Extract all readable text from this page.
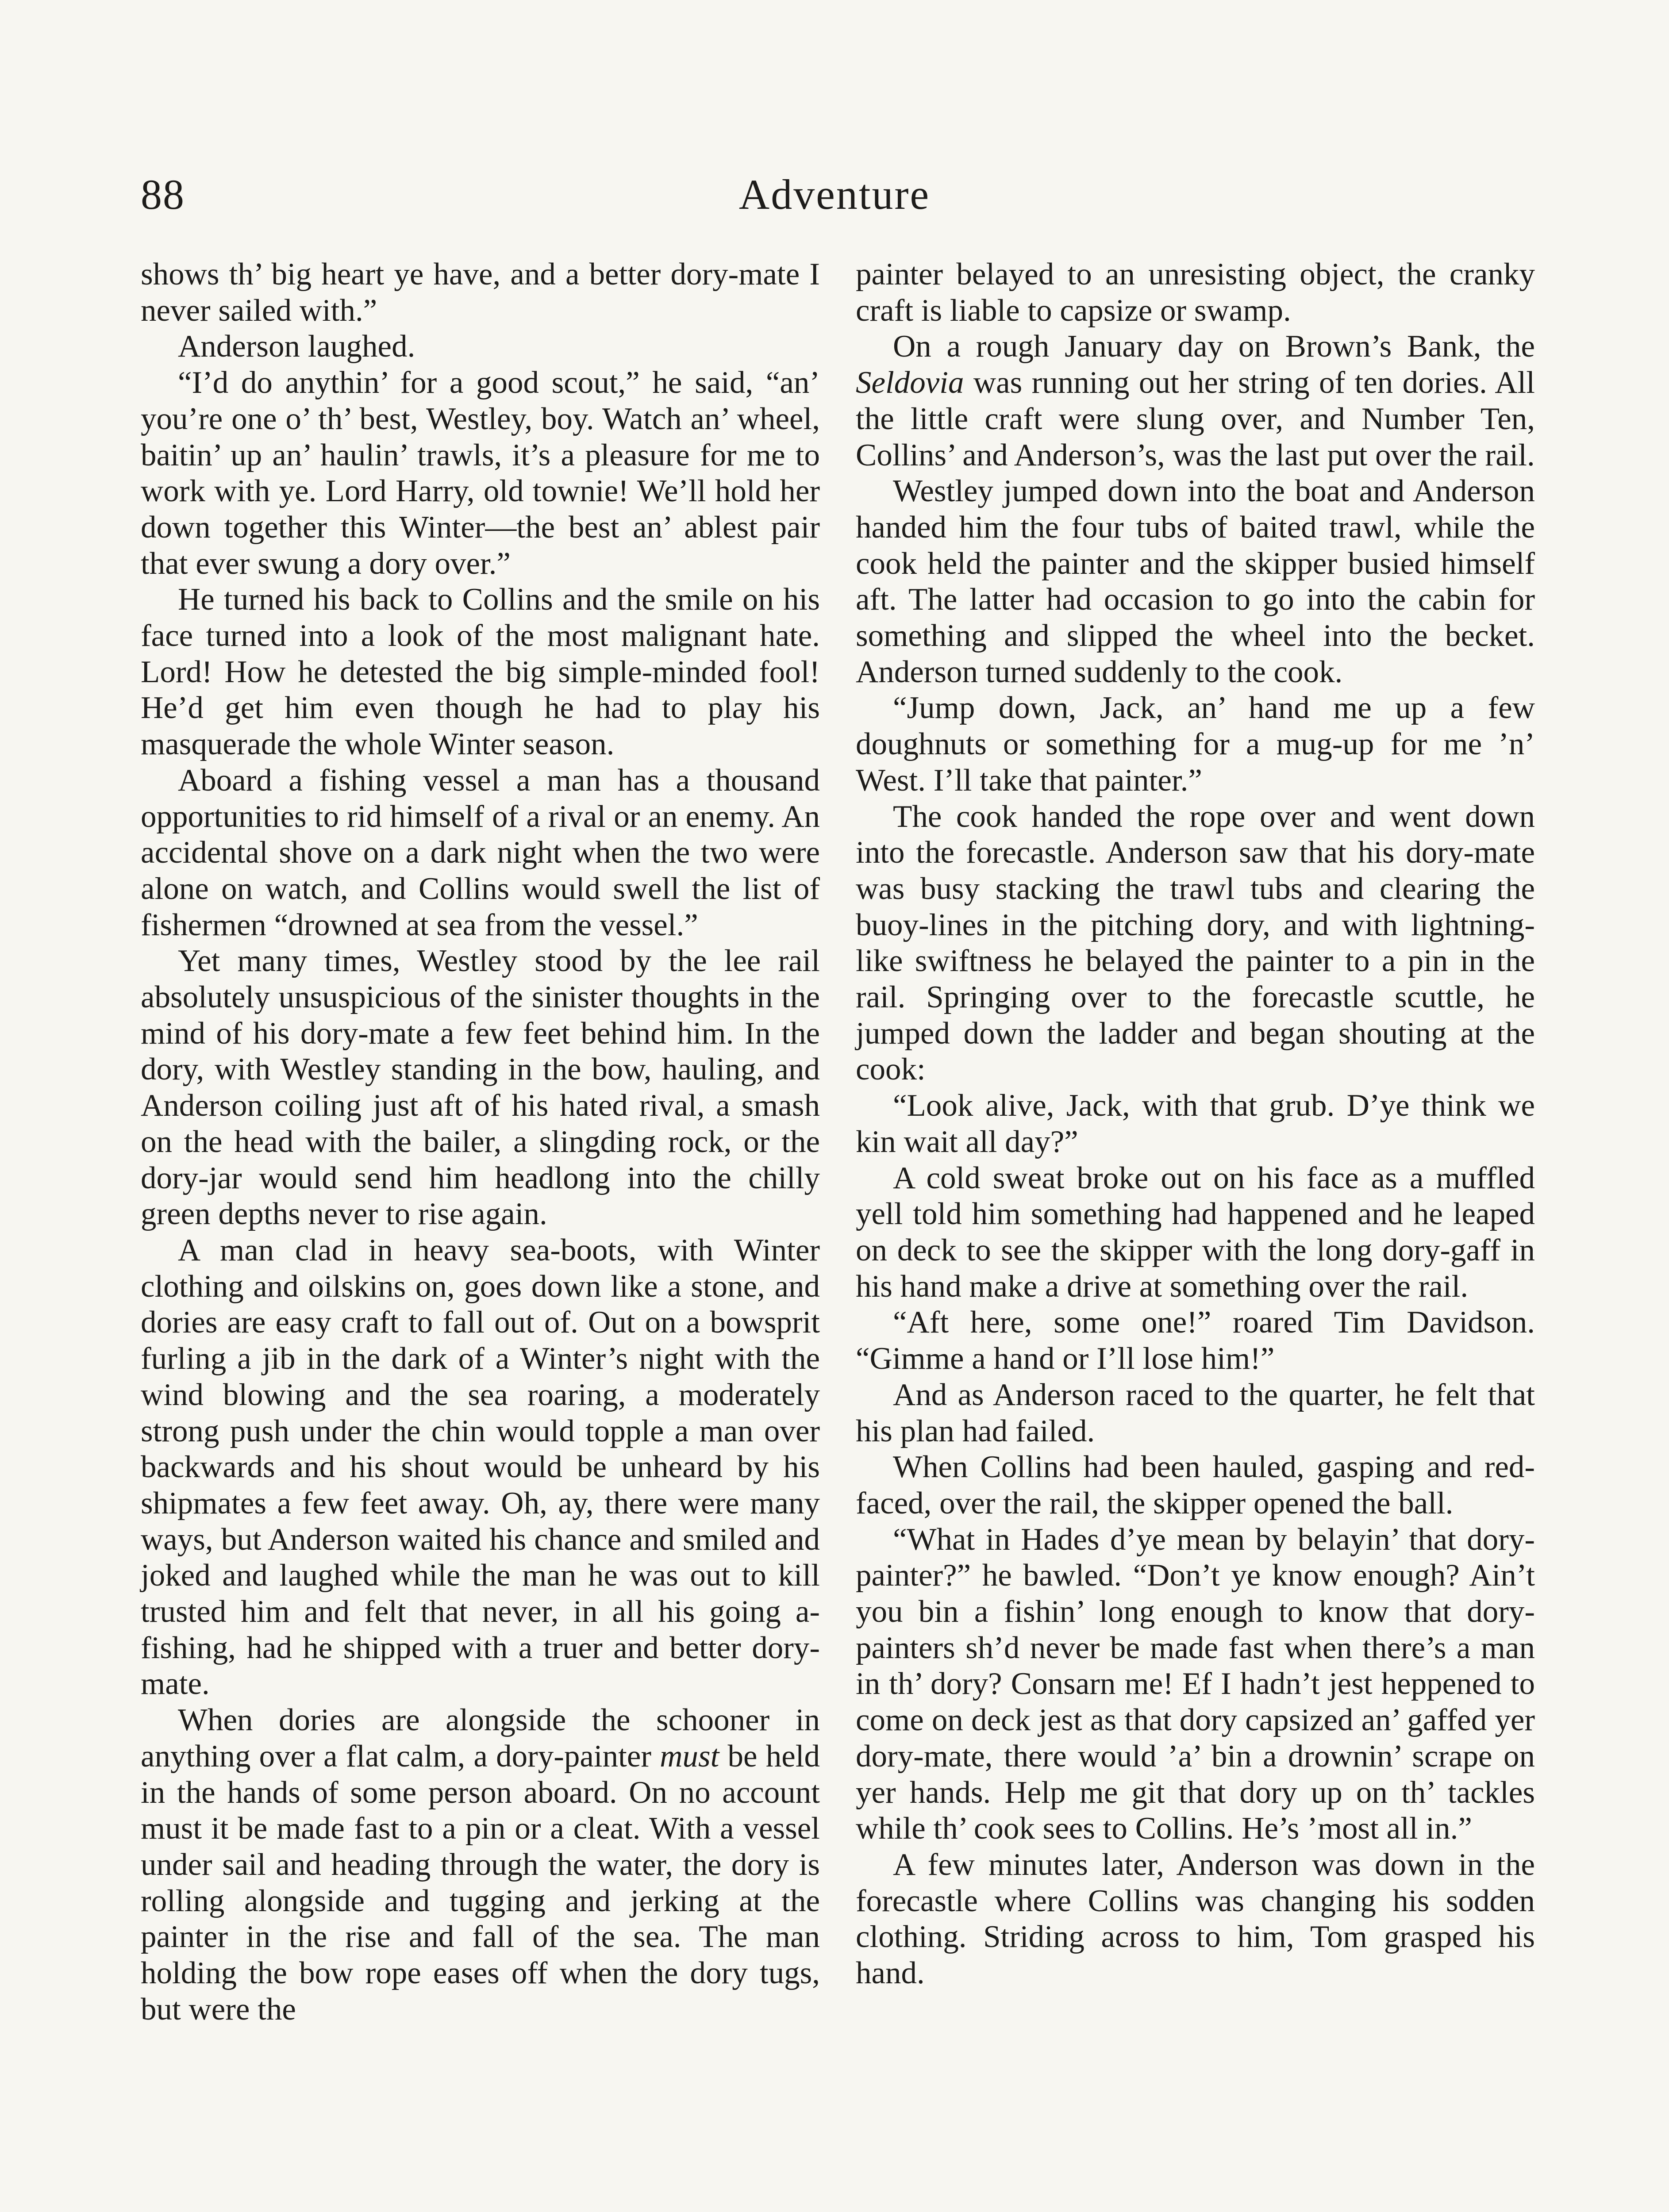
88	Adventure

shows th’ big heart ye have, and a better dory-mate I never sailed with.”

Anderson laughed.

“I’d do anythin’ for a good scout,” he said, “an’ you’re one o’ th’ best, Westley, boy. Watch an’ wheel, baitin’ up an’ haulin’ trawls, it’s a pleasure for me to work with ye. Lord Harry, old townie! We’ll hold her down together this Winter—the best an’ ablest pair that ever swung a dory over.”

He turned his back to Collins and the smile on his face turned into a look of the most malignant hate. Lord! How he detested the big simple-minded fool! He’d get him even though he had to play his masquerade the whole Winter season.

Aboard a fishing vessel a man has a thousand opportunities to rid himself of a rival or an enemy. An accidental shove on a dark night when the two were alone on watch, and Collins would swell the list of fishermen “drowned at sea from the vessel.”

Yet many times, Westley stood by the lee rail absolutely unsuspicious of the sinister thoughts in the mind of his dory-mate a few feet behind him. In the dory, with Westley standing in the bow, hauling, and Anderson coiling just aft of his hated rival, a smash on the head with the bailer, a slingding rock, or the dory-jar would send him headlong into the chilly green depths never to rise again.

A man clad in heavy sea-boots, with Winter clothing and oilskins on, goes down like a stone, and dories are easy craft to fall out of. Out on a bowsprit furling a jib in the dark of a Winter’s night with the wind blowing and the sea roaring, a moderately strong push under the chin would topple a man over backwards and his shout would be unheard by his shipmates a few feet away. Oh, ay, there were many ways, but Anderson waited his chance and smiled and joked and laughed while the man he was out to kill trusted him and felt that never, in all his going a-fishing, had he shipped with a truer and better dory-mate.

When dories are alongside the schooner in anything over a flat calm, a dory-painter must be held in the hands of some person aboard. On no account must it be made fast to a pin or a cleat. With a vessel under sail and heading through the water, the dory is rolling alongside and tugging and jerking at the painter in the rise and fall of the sea. The man holding the bow rope eases off when the dory tugs, but were the

painter belayed to an unresisting object, the cranky craft is liable to capsize or swamp.

On a rough January day on Brown’s Bank, the Seldovia was running out her string of ten dories. All the little craft were slung over, and Number Ten, Collins’ and Anderson’s, was the last put over the rail.

Westley jumped down into the boat and Anderson handed him the four tubs of baited trawl, while the cook held the painter and the skipper busied himself aft. The latter had occasion to go into the cabin for something and slipped the wheel into the becket. Anderson turned suddenly to the cook.

“Jump down, Jack, an’ hand me up a few doughnuts or something for a mug-up for me ’n’ West. I’ll take that painter.”

The cook handed the rope over and went down into the forecastle. Anderson saw that his dory-mate was busy stacking the trawl tubs and clearing the buoy-lines in the pitching dory, and with lightning-like swiftness he belayed the painter to a pin in the rail. Springing over to the forecastle scuttle, he jumped down the ladder and began shouting at the cook:

“Look alive, Jack, with that grub. D’ye think we kin wait all day?”

A cold sweat broke out on his face as a muffled yell told him something had happened and he leaped on deck to see the skipper with the long dory-gaff in his hand make a drive at something over the rail.

“Aft here, some one!” roared Tim Davidson. “Gimme a hand or I’ll lose him!”

And as Anderson raced to the quarter, he felt that his plan had failed.

When Collins had been hauled, gasping and red-faced, over the rail, the skipper opened the ball.

“What in Hades d’ye mean by belayin’ that dory-painter?” he bawled. “Don’t ye know enough? Ain’t you bin a fishin’ long enough to know that dory-painters sh’d never be made fast when there’s a man in th’ dory? Consarn me! Ef I hadn’t jest heppened to come on deck jest as that dory capsized an’ gaffed yer dory-mate, there would ’a’ bin a drownin’ scrape on yer hands. Help me git that dory up on th’ tackles while th’ cook sees to Collins. He’s ’most all in.”

A few minutes later, Anderson was down in the forecastle where Collins was changing his sodden clothing. Striding across to him, Tom grasped his hand.
